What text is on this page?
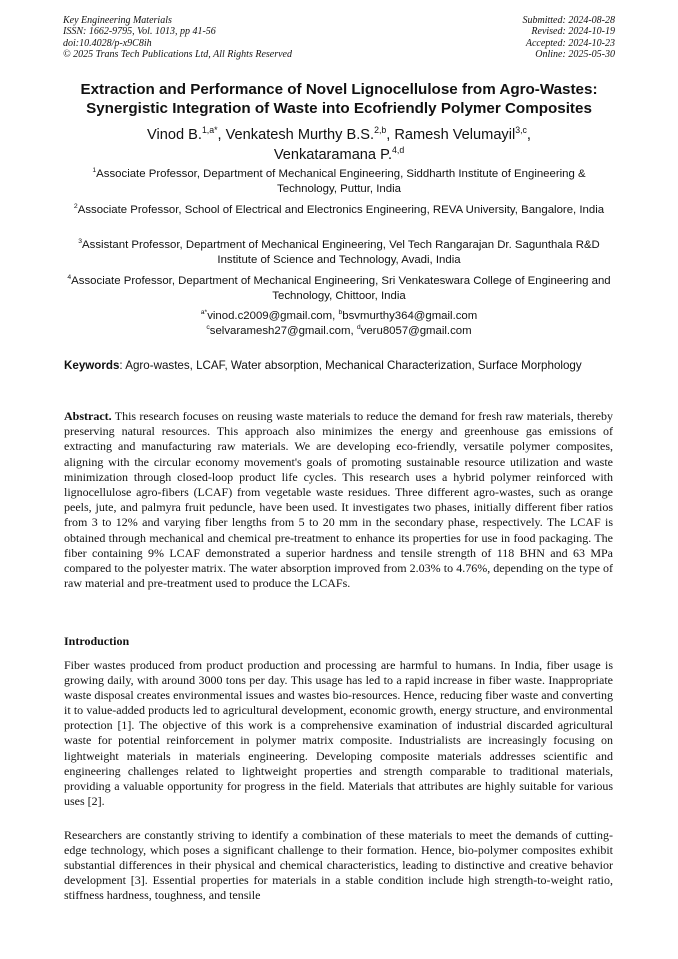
Key Engineering Materials
ISSN: 1662-9795, Vol. 1013, pp 41-56
doi:10.4028/p-x9C8ih
© 2025 Trans Tech Publications Ltd, All Rights Reserved
Submitted: 2024-08-28
Revised: 2024-10-19
Accepted: 2024-10-23
Online: 2025-05-30
Extraction and Performance of Novel Lignocellulose from Agro-Wastes:
Synergistic Integration of Waste into Ecofriendly Polymer Composites
Vinod B.$^{1,a*}$, Venkatesh Murthy B.S.$^{2,b}$, Ramesh Velumayil$^{3,c}$,
Venkataramana P.$^{4,d}$
$^1$Associate Professor, Department of Mechanical Engineering, Siddharth Institute of Engineering & Technology, Puttur, India
$^2$Associate Professor, School of Electrical and Electronics Engineering, REVA University, Bangalore, India
$^3$Assistant Professor, Department of Mechanical Engineering, Vel Tech Rangarajan Dr. Sagunthala R&D Institute of Science and Technology, Avadi, India
$^4$Associate Professor, Department of Mechanical Engineering, Sri Venkateswara College of Engineering and Technology, Chittoor, India
$^{a*}$vinod.c2009@gmail.com, $^b$bsvmurthy364@gmail.com
$^c$selvaramesh27@gmail.com, $^d$veru8057@gmail.com
Keywords: Agro-wastes, LCAF, Water absorption, Mechanical Characterization, Surface Morphology

Abstract. This research focuses on reusing waste materials to reduce the demand for fresh raw materials, thereby preserving natural resources. This approach also minimizes the energy and greenhouse gas emissions of extracting and manufacturing raw materials. We are developing eco-friendly, versatile polymer composites, aligning with the circular economy movement's goals of promoting sustainable resource utilization and waste minimization through closed-loop product life cycles. This research uses a hybrid polymer reinforced with lignocellulose agro-fibers (LCAF) from vegetable waste residues. Three different agro-wastes, such as orange peels, jute, and palmyra fruit peduncle, have been used. It investigates two phases, initially different fiber ratios from 3 to 12% and varying fiber lengths from 5 to 20 mm in the secondary phase, respectively. The LCAF is obtained through mechanical and chemical pre-treatment to enhance its properties for use in food packaging. The fiber containing 9% LCAF demonstrated a superior hardness and tensile strength of 118 BHN and 63 MPa compared to the polyester matrix. The water absorption improved from 2.03% to 4.76%, depending on the type of raw material and pre-treatment used to produce the LCAFs.

Introduction

Fiber wastes produced from product production and processing are harmful to humans. In India, fiber usage is growing daily, with around 3000 tons per day. This usage has led to a rapid increase in fiber waste. Inappropriate waste disposal creates environmental issues and wastes bio-resources. Hence, reducing fiber waste and converting it to value-added products led to agricultural development, economic growth, energy structure, and environmental protection [1]. The objective of this work is a comprehensive examination of industrial discarded agricultural waste for potential reinforcement in polymer matrix composite. Industrialists are increasingly focusing on lightweight materials in materials engineering. Developing composite materials addresses scientific and engineering challenges related to lightweight properties and strength comparable to traditional materials, providing a valuable opportunity for progress in the field. Materials that attributes are highly suitable for various uses [2].

Researchers are constantly striving to identify a combination of these materials to meet the demands of cutting-edge technology, which poses a significant challenge to their formation. Hence, bio-polymer composites exhibit substantial differences in their physical and chemical characteristics, leading to distinctive and creative behavior development [3]. Essential properties for materials in a stable condition include high strength-to-weight ratio, stiffness hardness, toughness, and tensile
